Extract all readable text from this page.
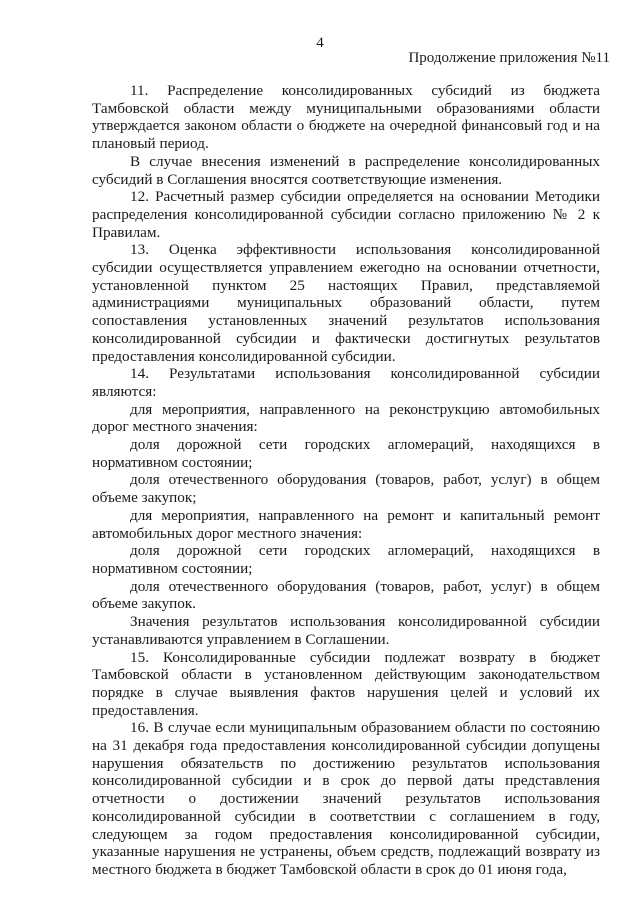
4
Продолжение приложения №11

11. Распределение консолидированных субсидий из бюджета Тамбовской области между муниципальными образованиями области утверждается законом области о бюджете на очередной финансовый год и на плановый период.

В случае внесения изменений в распределение консолидированных субсидий в Соглашения вносятся соответствующие изменения.

12. Расчетный размер субсидии определяется на основании Методики распределения консолидированной субсидии согласно приложению № 2 к Правилам.

13. Оценка эффективности использования консолидированной субсидии осуществляется управлением ежегодно на основании отчетности, установленной пунктом 25 настоящих Правил, представляемой администрациями муниципальных образований области, путем сопоставления установленных значений результатов использования консолидированной субсидии и фактически достигнутых результатов предоставления консолидированной субсидии.

14. Результатами использования консолидированной субсидии являются:

для мероприятия, направленного на реконструкцию автомобильных дорог местного значения:

доля дорожной сети городских агломераций, находящихся в нормативном состоянии;

доля отечественного оборудования (товаров, работ, услуг) в общем объеме закупок;

для мероприятия, направленного на ремонт и капитальный ремонт автомобильных дорог местного значения:

доля дорожной сети городских агломераций, находящихся в нормативном состоянии;

доля отечественного оборудования (товаров, работ, услуг) в общем объеме закупок.

Значения результатов использования консолидированной субсидии устанавливаются управлением в Соглашении.

15. Консолидированные субсидии подлежат возврату в бюджет Тамбовской области в установленном действующим законодательством порядке в случае выявления фактов нарушения целей и условий их предоставления.

16. В случае если муниципальным образованием области по состоянию на 31 декабря года предоставления консолидированной субсидии допущены нарушения обязательств по достижению результатов использования консолидированной субсидии и в срок до первой даты представления отчетности о достижении значений результатов использования консолидированной субсидии в соответствии с соглашением в году, следующем за годом предоставления консолидированной субсидии, указанные нарушения не устранены, объем средств, подлежащий возврату из местного бюджета в бюджет Тамбовской области в срок до 01 июня года,
